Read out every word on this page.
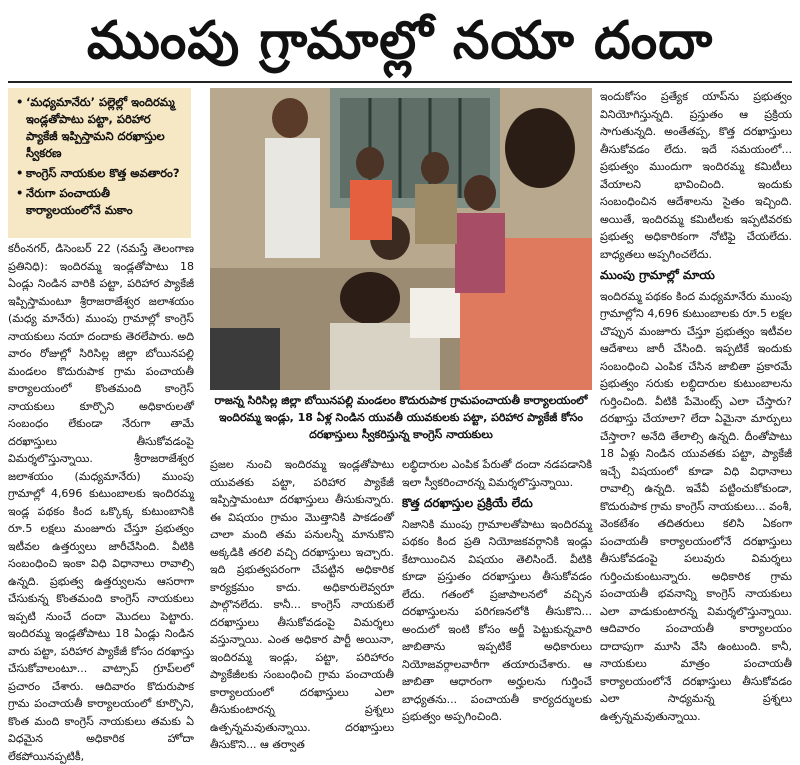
ముంపు గ్రామాల్లో నయా దందా
• ‘మధ్యమానేరు’ పల్లెల్లో ఇందిరమ్మ ఇండ్లతోపాటు పట్టా, పరిహార ప్యాకేజీ ఇప్పిస్తామని దరఖాస్తుల స్వీకరణ
• కాంగ్రెస్ నాయకుల కొత్త అవతారం?
• నేరుగా పంచాయతీ కార్యాలయంలోనే మకాం

కరీంనగర్, డిసెంబర్ 22 (నమస్తే తెలంగాణ ప్రతినిధి): ఇందిరమ్మ ఇండ్లతోపాటు 18 ఏండ్లు నిండిన వారికి పట్టా, పరిహార ప్యాకేజీ ఇప్పిస్తామంటూ శ్రీరాజరాజేశ్వర జలాశయం (మధ్య మానేరు) ముంపు గ్రామాల్లో కాంగ్రెస్ నాయకులు నయా దందాకు తెరలేపారు. అది వారం రోజుల్లో సిరిసిల్ల జిల్లా బోయినపల్లి మండలం కొదురుపాక గ్రామ పంచాయతీ కార్యాలయంలో కొంతమంది కాంగ్రెస్ నాయకులు కూర్చొని అధికారులతో సంబంధం లేకుండా నేరుగా తామే దరఖాస్తులు తీసుకోవడంపై విమర్శలొస్తున్నాయి. శ్రీరాజరాజేశ్వర జలాశయం (మధ్యమానేరు) ముంపు గ్రామాల్లో 4,696 కుటుంబాలకు ఇందిరమ్మ ఇండ్ల పథకం కింద ఒక్కొక్క కుటుంబానికి రూ.5 లక్షలు మంజూరు చేస్తూ ప్రభుత్వం ఇటీవల ఉత్తర్వులు జారీచేసింది. వీటికి సంబంధించి ఇంకా విధి విధానాలు రావాల్సి ఉన్నది. ప్రభుత్వ ఉత్తర్వులను ఆసరాగా చేసుకున్న కొంతమంది కాంగ్రెస్ నాయకులు ఇప్పటి నుంచే దందా మొదలు పెట్టారు. ఇందిరమ్మ ఇండ్లతోపాటు 18 ఏండ్లు నిండిన వారు పట్టా, పరిహార ప్యాకేజీ కోసం దరఖాస్తు చేసుకోవాలంటూ... వాట్సాప్ గ్రూప్‌లలో ప్రచారం చేశారు. ఆదివారం కొదురుపాక గ్రామ పంచాయతీ కార్యాలయంలో కూర్చొని, కొంత మంది కాంగ్రెస్ నాయకులు తమకు ఏ విధమైన అధికారిక హోదా లేకపోయినప్పటికీ,

రాజన్న సిరిసిల్ల జిల్లా బోయినపల్లి మండలం కొదురుపాక గ్రామపంచాయతీ కార్యాలయంలో ఇందిరమ్మ ఇండ్లు, 18 ఏళ్ల నిండిన యువతీ యువకులకు పట్టా, పరిహార ప్యాకేజీ కోసం దరఖాస్తులు స్వీకరిస్తున్న కాంగ్రెస్ నాయకులు

ప్రజల నుంచి ఇందిరమ్మ ఇండ్లతోపాటు యువతకు పట్టా, పరిహార ప్యాకేజీ ఇప్పిస్తామంటూ దరఖాస్తులు తీసుకున్నారు. ఈ విషయం గ్రామం మొత్తానికి పాకడంతో చాలా మంది తమ పనులన్నీ మానుకొని అక్కడికి తరలి వచ్చి దరఖాస్తులు ఇచ్చారు. ఇది ప్రభుత్వపరంగా చేపట్టిన అధికారిక కార్యక్రమం కాదు. అధికారులెవ్వరూ పాల్గొనలేదు. కానీ... కాంగ్రెస్ నాయకులే దరఖాస్తులు తీసుకోవడంపై విమర్శలు వస్తున్నాయి. ఎంత అధికార పార్టీ అయినా, ఇందిరమ్మ ఇండ్లు, పట్టా, పరిహారం ప్యాకేజీలకు సంబంధించి గ్రామ పంచాయతీ కార్యాలయంలో దరఖాస్తులు ఎలా తీసుకుంటారన్న ప్రశ్నలు ఉత్పన్నమవుతున్నాయి. దరఖాస్తులు తీసుకొని... ఆ తర్వాత

లబ్ధిదారుల ఎంపిక పేరుతో దందా నడపడానికి ఇలా స్వీకరించారన్న విమర్శలొస్తున్నాయి.

కొత్త దరఖాస్తుల ప్రక్రియే లేదు

నిజానికి ముంపు గ్రామాలతోపాటు ఇందిరమ్మ పథకం కింద ప్రతి నియోజకవర్గానికి ఇండ్లు కేటాయించిన విషయం తెలిసిందే. వీటికి కూడా ప్రస్తుతం దరఖాస్తులు తీసుకోవడం లేదు. గతంలో ప్రజాపాలనలో వచ్చిన దరఖాస్తులను పరిగణనలోకి తీసుకొని... అందులో ఇంటి కోసం అర్జీ పెట్టుకున్నవారి జాబితాను ఇప్పటికే అధికారులు నియోజవర్గాలవారీగా తయారుచేశారు. ఆ జాబితా ఆధారంగా అర్హులను గుర్తించే బాధ్యతను... పంచాయతీ కార్యదర్శులకు ప్రభుత్వం అప్పగించింది.

ఇందుకోసం ప్రత్యేక యాప్‌ను ప్రభుత్వం వినియోగిస్తున్నది. ప్రస్తుతం ఆ ప్రక్రియ సాగుతున్నది. అంతేతప్ప, కొత్త దరఖాస్తులు తీసుకోవడం లేదు. ఇదే సమయంలో... ప్రభుత్వం ముందుగా ఇందిరమ్మ కమిటీలు వేయాలని భావించింది. ఇందుకు సంబంధించిన ఆదేశాలను సైతం ఇచ్చింది. అయితే, ఇందిరమ్మ కమిటీలకు ఇప్పటివరకు ప్రభుత్వ అధికారికంగా నోటిఫై చేయలేదు. బాధ్యతలు అప్పగించలేదు.

ముంపు గ్రామాల్లో మాయ

ఇందిరమ్మ పథకం కింద మధ్యమానేరు ముంపు గ్రామాల్లోని 4,696 కుటుంబాలకు రూ.5 లక్షల చొప్పున మంజూరు చేస్తూ ప్రభుత్వం ఇటీవల ఆదేశాలు జారీ చేసింది. ఇప్పటికే ఇందుకు సంబంధించి ఎంపిక చేసిన జాబితా ప్రకారమే ప్రభుత్వం సరుకు లబ్ధిదారుల కుటుంబాలను గుర్తించింది. వీటికి పేమెంట్స్ ఎలా చేస్తారు? దరఖాస్తు చేయాలా? లేదా ఏమైనా మార్పులు చేస్తారా? అనేది తేలాల్సి ఉన్నది. దీంతోపాటు 18 ఏళ్లు నిండిన యువతకు పట్టా, ప్యాకేజీ ఇచ్చే విషయంలో కూడా విధి విధానాలు రావాల్సి ఉన్నది. ఇవేవీ పట్టించుకోకుండా, కొదురుపాక గ్రామ కాంగ్రెస్ నాయకులు... వంశీ, వెంకటేశం తదితరులు కలిసి ఏకంగా పంచాయతీ కార్యాలయంలోనే దరఖాస్తులు తీసుకోవడంపై పలువురు విమర్శలు గుర్తించుకుంటున్నారు. అధికారిక గ్రామ పంచాయతీ భవనాన్ని కాంగ్రెస్ నాయకులు ఎలా వాడుకుంటారన్న విమర్శలొస్తున్నాయి. ఆదివారం పంచాయతీ కార్యాలయం దాదాపుగా మూసి వేసి ఉంటుంది. కానీ, నాయకులు మాత్రం పంచాయతీ కార్యాలయంలోనే దరఖాస్తులు తీసుకోవడం ఎలా సాధ్యమన్న ప్రశ్నలు ఉత్పన్నమవుతున్నాయి.
